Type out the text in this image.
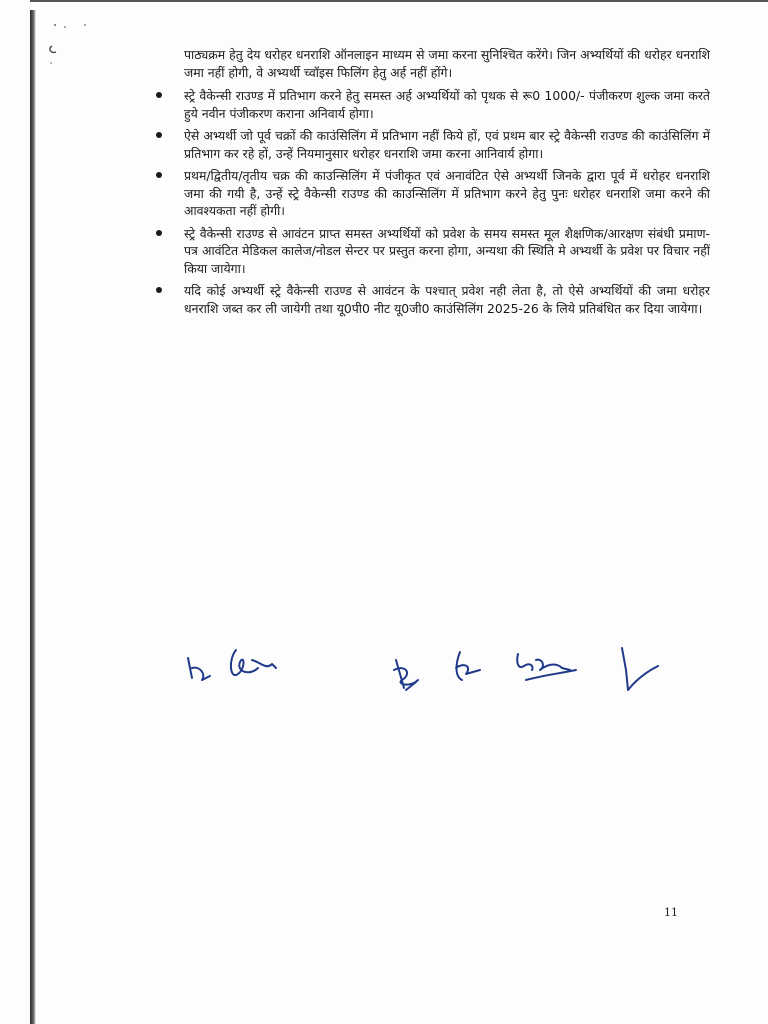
पाठ्यक्रम हेतु देय धरोहर धनराशि ऑनलाइन माध्यम से जमा करना सुनिश्चित करेंगे। जिन अभ्यर्थियों की धरोहर धनराशि जमा नहीं होगी, वे अभ्यर्थी च्वॉइस फिलिंग हेतु अर्ह नहीं होंगे।

स्ट्रे वैकेन्सी राउण्ड में प्रतिभाग करने हेतु समस्त अर्ह अभ्यर्थियों को पृथक से रू0 1000/- पंजीकरण शुल्क जमा करते हुये नवीन पंजीकरण कराना अनिवार्य होगा।
ऐसे अभ्यर्थी जो पूर्व चक्रों की काउंसिलिंग में प्रतिभाग नहीं किये हों, एवं प्रथम बार स्ट्रे वैकेन्सी राउण्ड की काउंसिलिंग में प्रतिभाग कर रहे हों, उन्हें नियमानुसार धरोहर धनराशि जमा करना आनिवार्य होगा।
प्रथम/द्वितीय/तृतीय चक्र की काउन्सिलिंग में पंजीकृत एवं अनावंटित ऐसे अभ्यर्थी जिनके द्वारा पूर्व में धरोहर धनराशि जमा की गयी है, उन्हें स्ट्रे वैकेन्सी राउण्ड की काउन्सिलिंग में प्रतिभाग करने हेतु पुनः धरोहर धनराशि जमा करने की आवश्यकता नहीं होगी।
स्ट्रे वैकेन्सी राउण्ड से आवंटन प्राप्त समस्त अभ्यर्थियों को प्रवेश के समय समस्त मूल शैक्षणिक/आरक्षण संबंधी प्रमाण-पत्र आवंटित मेडिकल कालेज/नोडल सेन्टर पर प्रस्तुत करना होगा, अन्यथा की स्थिति मे अभ्यर्थी के प्रवेश पर विचार नहीं किया जायेगा।
यदि कोई अभ्यर्थी स्ट्रे वैकेन्सी राउण्ड से आवंटन के पश्चात् प्रवेश नही लेता है, तो ऐसे अभ्यर्थियों की जमा धरोहर धनराशि जब्त कर ली जायेगी तथा यू0पी0 नीट यू0जी0 काउंसिलिंग 2025-26 के लिये प्रतिबंधित कर दिया जायेगा।
11
